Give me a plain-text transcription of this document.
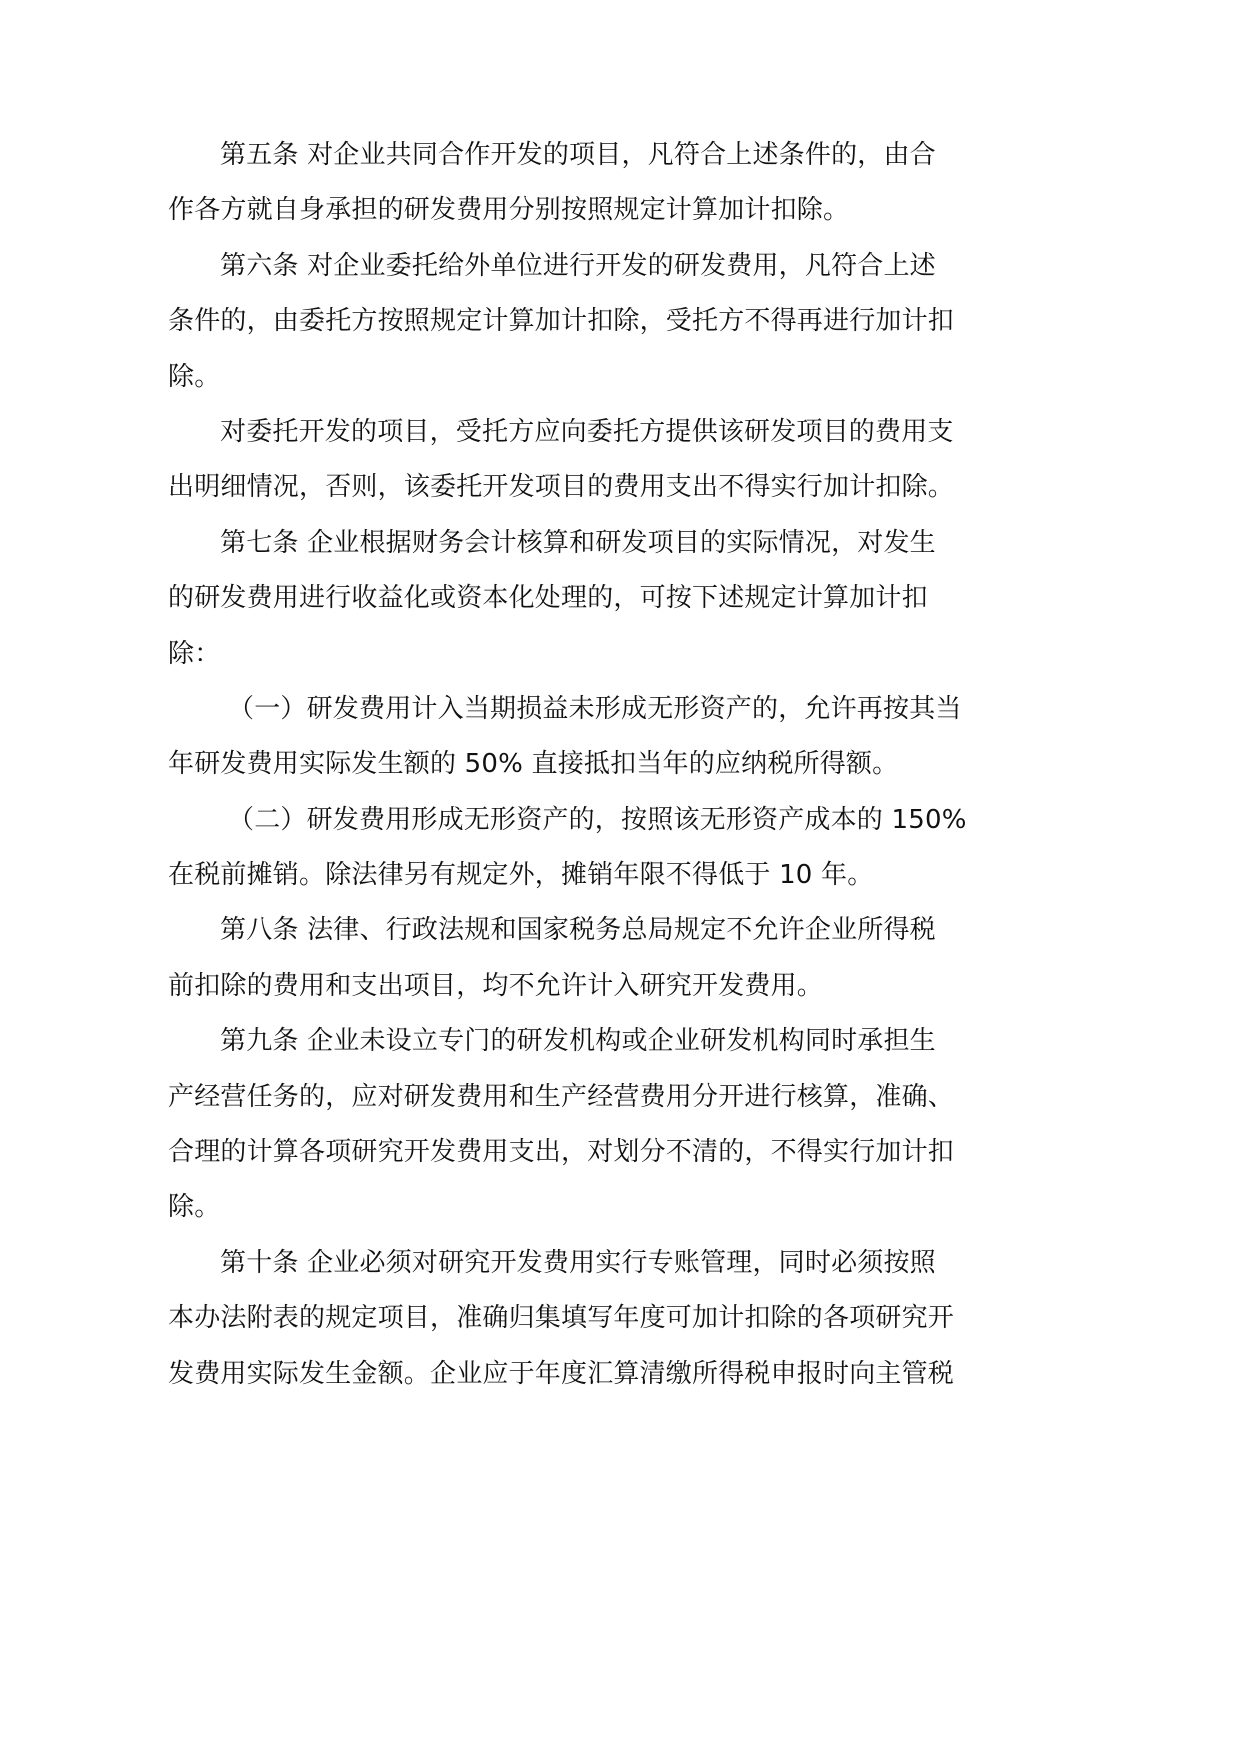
第五条 对企业共同合作开发的项目，凡符合上述条件的，由合
作各方就自身承担的研发费用分别按照规定计算加计扣除。
第六条 对企业委托给外单位进行开发的研发费用，凡符合上述
条件的，由委托方按照规定计算加计扣除，受托方不得再进行加计扣
除。
对委托开发的项目，受托方应向委托方提供该研发项目的费用支
出明细情况，否则，该委托开发项目的费用支出不得实行加计扣除。
第七条 企业根据财务会计核算和研发项目的实际情况，对发生
的研发费用进行收益化或资本化处理的，可按下述规定计算加计扣
除：
（一）研发费用计入当期损益未形成无形资产的，允许再按其当
年研发费用实际发生额的 50% 直接抵扣当年的应纳税所得额。
（二）研发费用形成无形资产的，按照该无形资产成本的 150%
在税前摊销。除法律另有规定外，摊销年限不得低于 10 年。
第八条 法律、行政法规和国家税务总局规定不允许企业所得税
前扣除的费用和支出项目，均不允许计入研究开发费用。
第九条 企业未设立专门的研发机构或企业研发机构同时承担生
产经营任务的，应对研发费用和生产经营费用分开进行核算，准确、
合理的计算各项研究开发费用支出，对划分不清的，不得实行加计扣
除。
第十条 企业必须对研究开发费用实行专账管理，同时必须按照
本办法附表的规定项目，准确归集填写年度可加计扣除的各项研究开
发费用实际发生金额。企业应于年度汇算清缴所得税申报时向主管税
